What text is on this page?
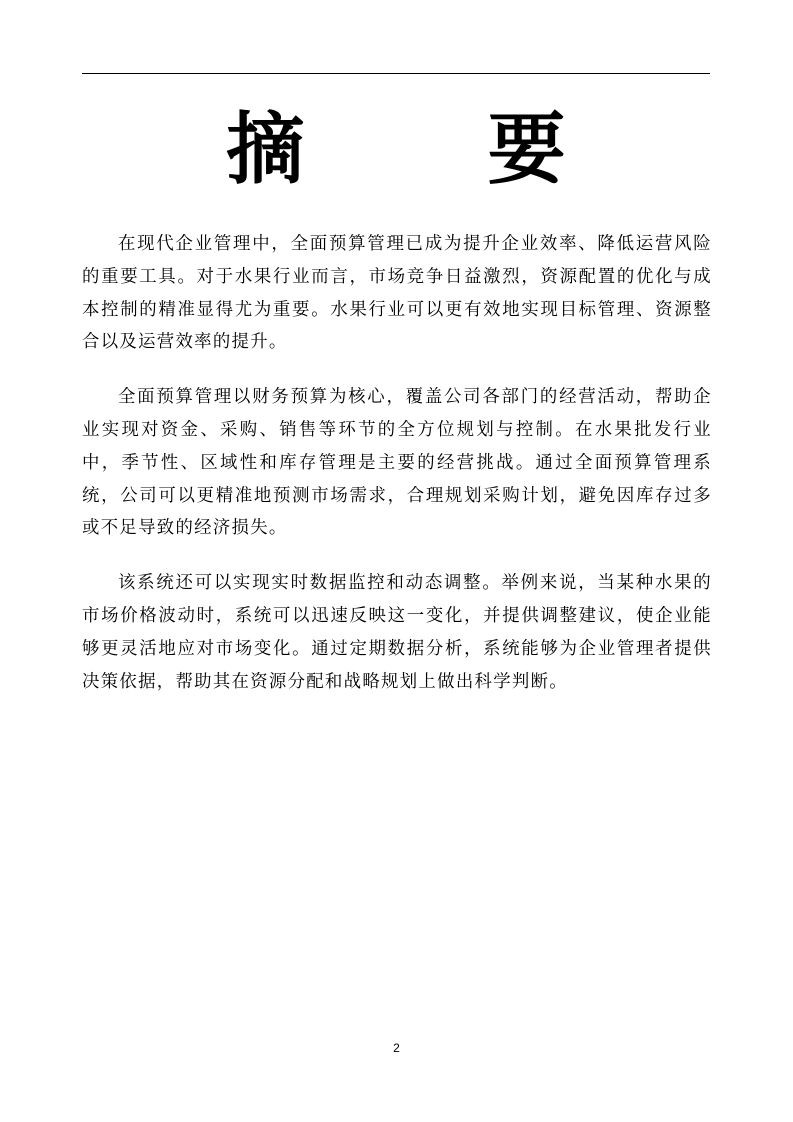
摘 要

在现代企业管理中，全面预算管理已成为提升企业效率、降低运营风险的重要工具。对于水果行业而言，市场竞争日益激烈，资源配置的优化与成本控制的精准显得尤为重要。水果行业可以更有效地实现目标管理、资源整合以及运营效率的提升。

全面预算管理以财务预算为核心，覆盖公司各部门的经营活动，帮助企业实现对资金、采购、销售等环节的全方位规划与控制。在水果批发行业中，季节性、区域性和库存管理是主要的经营挑战。通过全面预算管理系统，公司可以更精准地预测市场需求，合理规划采购计划，避免因库存过多或不足导致的经济损失。

该系统还可以实现实时数据监控和动态调整。举例来说，当某种水果的市场价格波动时，系统可以迅速反映这一变化，并提供调整建议，使企业能够更灵活地应对市场变化。通过定期数据分析，系统能够为企业管理者提供决策依据，帮助其在资源分配和战略规划上做出科学判断。

2
